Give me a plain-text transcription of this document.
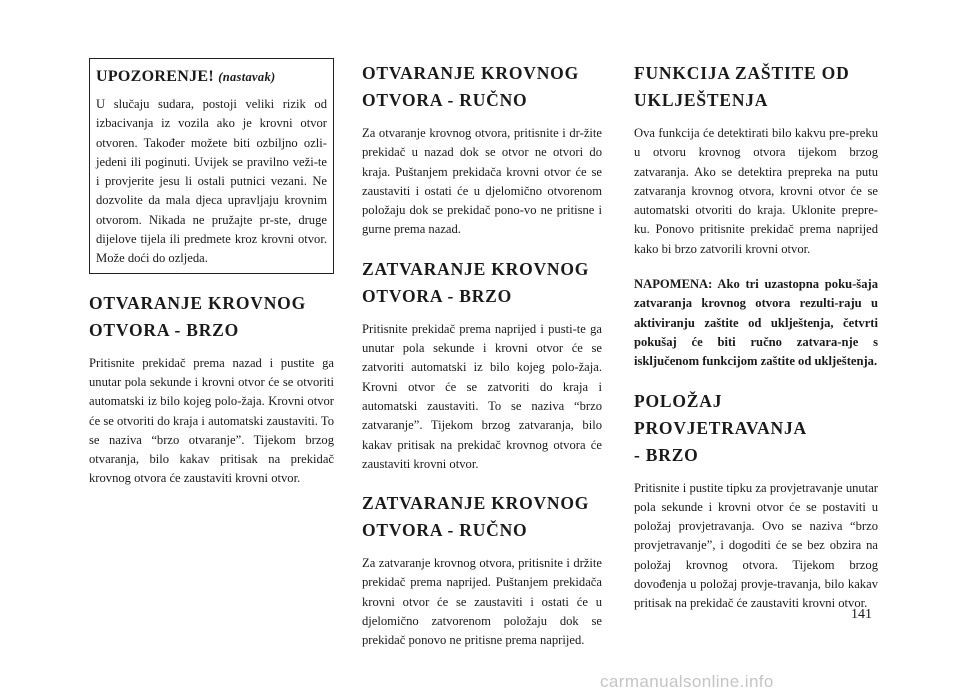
UPOZORENJE! (nastavak)
U slučaju sudara, postoji veliki rizik od izbacivanja iz vozila ako je krovni otvor otvoren. Također možete biti ozbiljno ozli-jedeni ili poginuti. Uvijek se pravilno veži-te i provjerite jesu li ostali putnici vezani. Ne dozvolite da mala djeca upravljaju krovnim otvorom. Nikada ne pružajte pr-ste, druge dijelove tijela ili predmete kroz krovni otvor. Može doći do ozljeda.
OTVARANJE KROVNOG
OTVORA - BRZO

Pritisnite prekidač prema nazad i pustite ga unutar pola sekunde i krovni otvor će se otvoriti automatski iz bilo kojeg polo-žaja. Krovni otvor će se otvoriti do kraja i automatski zaustaviti. To se naziva “brzo otvaranje”. Tijekom brzog otvaranja, bilo kakav pritisak na prekidač krovnog otvora će zaustaviti krovni otvor.

OTVARANJE KROVNOG
OTVORA - RUČNO

Za otvaranje krovnog otvora, pritisnite i dr-žite prekidač u nazad dok se otvor ne otvori do kraja. Puštanjem prekidača krovni otvor će se zaustaviti i ostati će u djelomično otvorenom položaju dok se prekidač pono-vo ne pritisne i gurne prema nazad.

ZATVARANJE KROVNOG
OTVORA - BRZO

Pritisnite prekidač prema naprijed i pusti-te ga unutar pola sekunde i krovni otvor će se zatvoriti automatski iz bilo kojeg polo-žaja. Krovni otvor će se zatvoriti do kraja i automatski zaustaviti. To se naziva “brzo zatvaranje”. Tijekom brzog zatvaranja, bilo kakav pritisak na prekidač krovnog otvora će zaustaviti krovni otvor.

ZATVARANJE KROVNOG
OTVORA - RUČNO

Za zatvaranje krovnog otvora, pritisnite i držite prekidač prema naprijed. Puštanjem prekidača krovni otvor će se zaustaviti i ostati će u djelomično zatvorenom položaju dok se prekidač ponovo ne pritisne prema naprijed.

FUNKCIJA ZAŠTITE OD
UKLJEŠTENJA

Ova funkcija će detektirati bilo kakvu pre-preku u otvoru krovnog otvora tijekom brzog zatvaranja. Ako se detektira prepreka na putu zatvaranja krovnog otvora, krovni otvor će se automatski otvoriti do kraja. Uklonite prepre-ku. Ponovo pritisnite prekidač prema naprijed kako bi brzo zatvorili krovni otvor.

NAPOMENA: Ako tri uzastopna poku-šaja zatvaranja krovnog otvora rezulti-raju u aktiviranju zaštite od uklještenja, četvrti pokušaj će biti ručno zatvara-nje s isključenom funkcijom zaštite od uklještenja.

POLOŽAJ PROVJETRAVANJA
- BRZO

Pritisnite i pustite tipku za provjetravanje unutar pola sekunde i krovni otvor će se postaviti u položaj provjetravanja. Ovo se naziva “brzo provjetravanje”, i dogoditi će se bez obzira na položaj krovnog otvora. Tijekom brzog dovođenja u položaj provje-travanja, bilo kakav pritisak na prekidač će zaustaviti krovni otvor.

141
carmanualsonline.info
